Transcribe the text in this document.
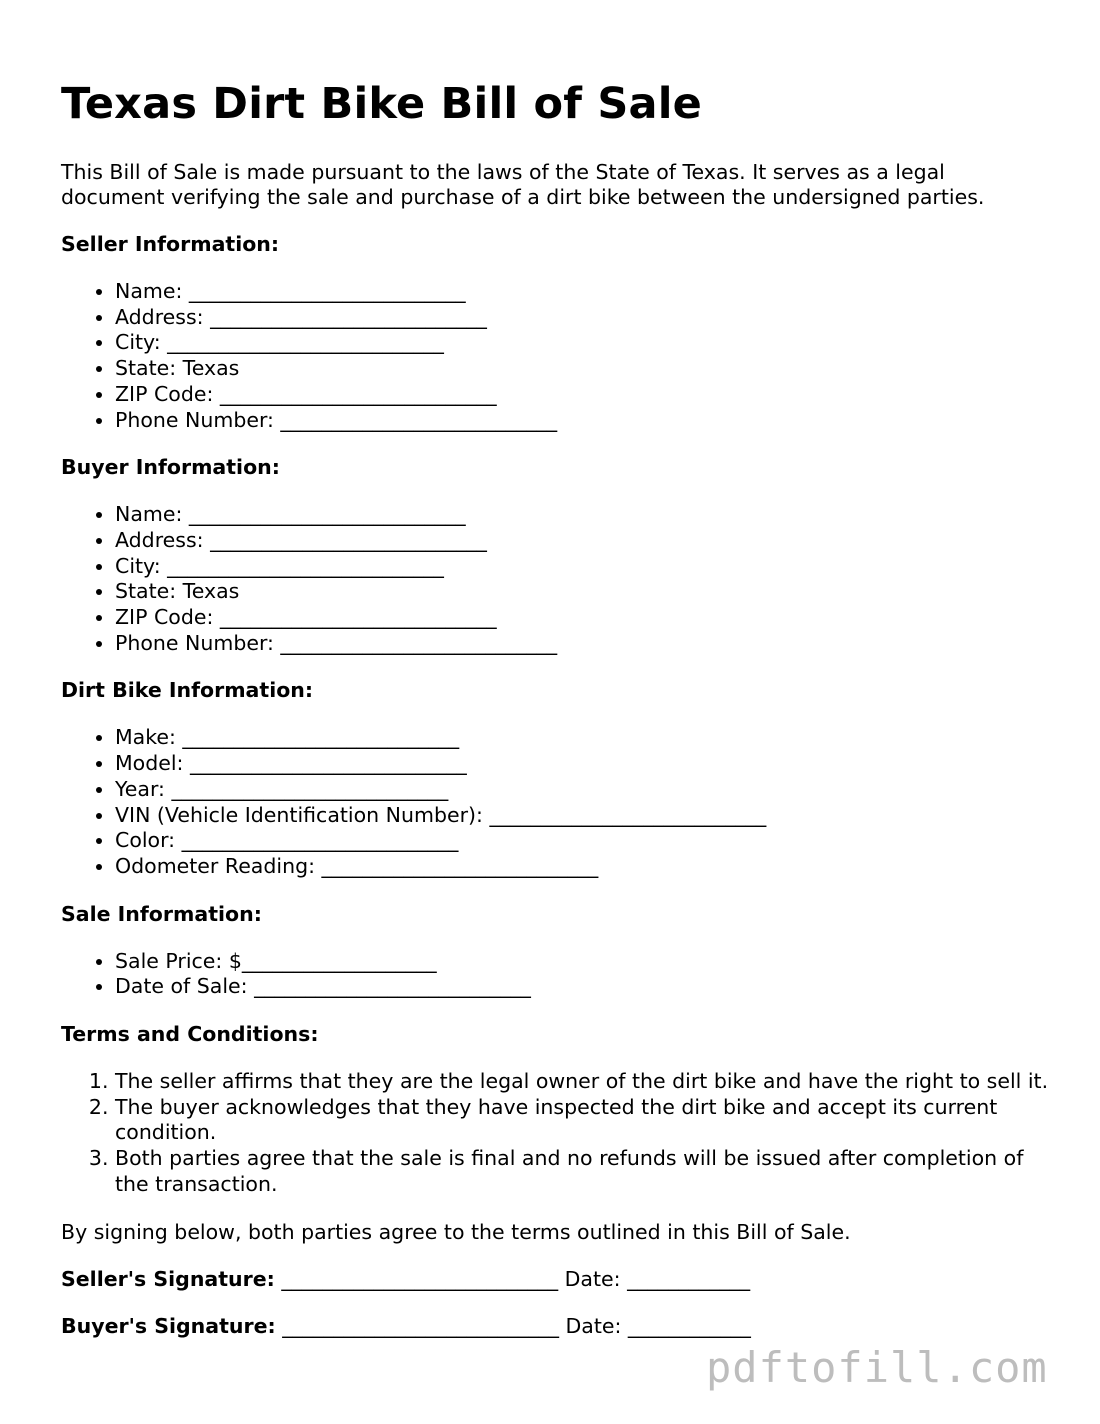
Texas Dirt Bike Bill of Sale

This Bill of Sale is made pursuant to the laws of the State of Texas. It serves as a legal document verifying the sale and purchase of a dirt bike between the undersigned parties.

Seller Information:
• Name: ___________________________
• Address: ___________________________
• City: ___________________________
• State: Texas
• ZIP Code: ___________________________
• Phone Number: ___________________________
Buyer Information:
• Name: ___________________________
• Address: ___________________________
• City: ___________________________
• State: Texas
• ZIP Code: ___________________________
• Phone Number: ___________________________
Dirt Bike Information:
• Make: ___________________________
• Model: ___________________________
• Year: ___________________________
• VIN (Vehicle Identification Number): ___________________________
• Color: ___________________________
• Odometer Reading: ___________________________
Sale Information:
• Sale Price: $___________________
• Date of Sale: ___________________________
Terms and Conditions:
1. The seller affirms that they are the legal owner of the dirt bike and have the right to sell it.
2. The buyer acknowledges that they have inspected the dirt bike and accept its current condition.
3. Both parties agree that the sale is final and no refunds will be issued after completion of the transaction.

By signing below, both parties agree to the terms outlined in this Bill of Sale.

Seller's Signature: ___________________________ Date: ____________
Buyer's Signature: ___________________________ Date: ____________
pdftofill.com
